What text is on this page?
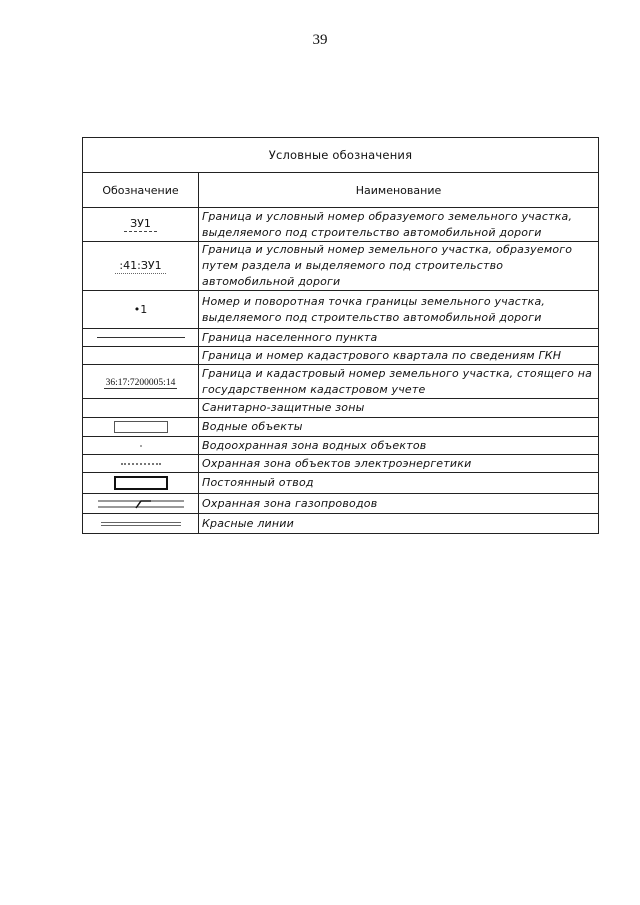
39
Условные обозначения	
Обозначение	Наименование
ЗУ1	Граница и условный номер образуемого земельного участка, выделяемого под строительство автомобильной дороги
:41:ЗУ1	Граница и условный номер земельного участка, образуемого путем раздела и выделяемого под строительство автомобильной дороги
•1	Номер и поворотная точка границы земельного участка, выделяемого под строительство автомобильной дороги

	Граница населенного пункта
	Граница и номер кадастрового квартала по сведениям ГКН
36:17:7200005:14	Граница и кадастровый номер земельного участка, стоящего на государственном кадастровом учете
	Санитарно-защитные зоны

	Водные объекты

	Водоохранная зона водных объектов

	Охранная зона объектов электроэнергетики

	Постоянный отвод

	Охранная зона газопроводов

	Красные линии
